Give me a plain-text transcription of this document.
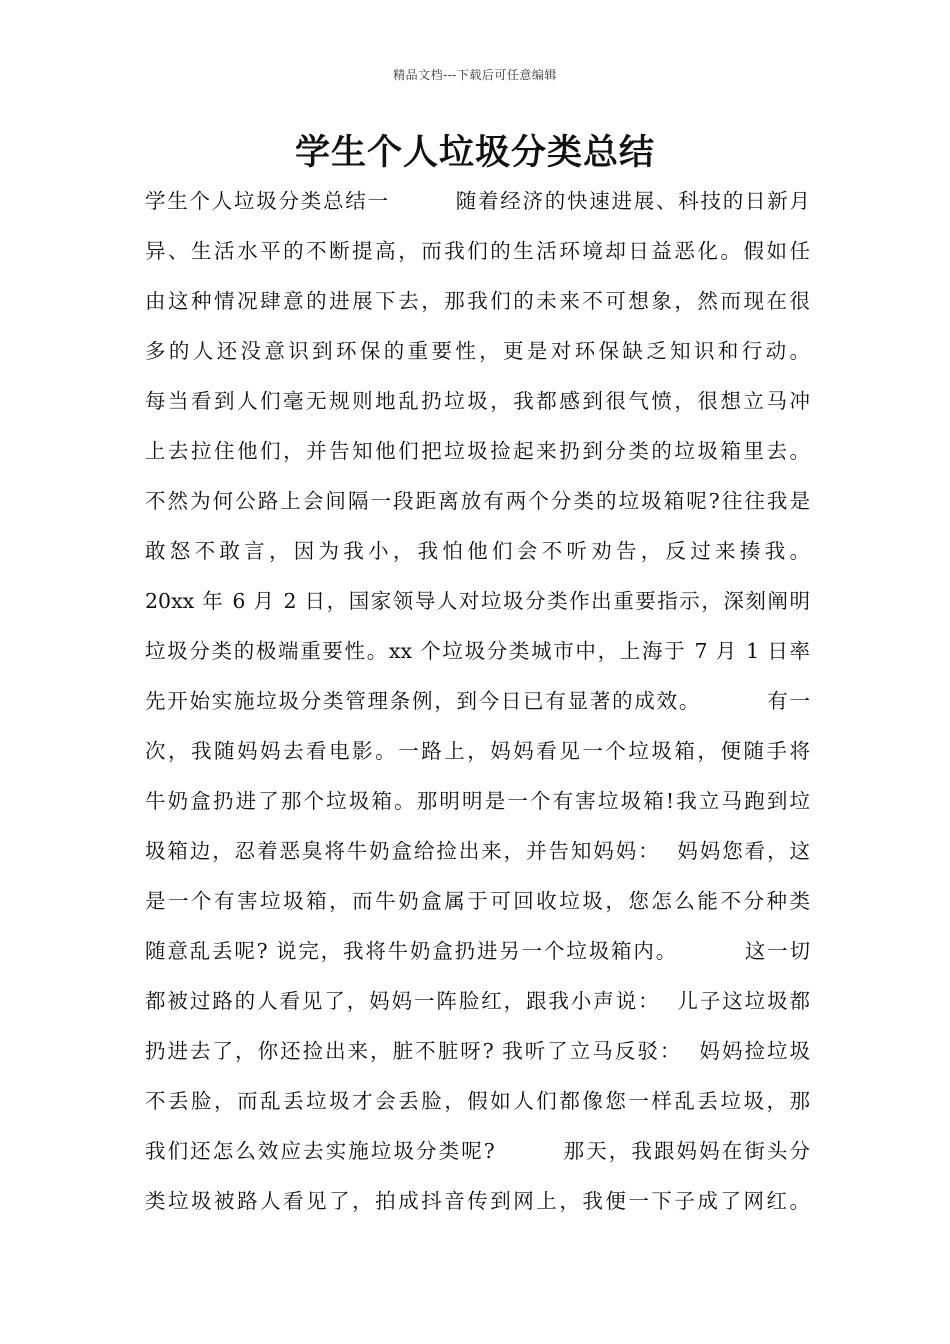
精品文档---下载后可任意编辑
学生个人垃圾分类总结
学生个人垃圾分类总结一        随着经济的快速进展、科技的日新月
异、生活水平的不断提高，而我们的生活环境却日益恶化。假如任
由这种情况肆意的进展下去，那我们的未来不可想象，然而现在很
多的人还没意识到环保的重要性，更是对环保缺乏知识和行动。
每当看到人们毫无规则地乱扔垃圾，我都感到很气愤，很想立马冲
上去拉住他们，并告知他们把垃圾捡起来扔到分类的垃圾箱里去。
不然为何公路上会间隔一段距离放有两个分类的垃圾箱呢?往往我是
敢怒不敢言，因为我小，我怕他们会不听劝告，反过来揍我。
20xx 年 6 月 2 日，国家领导人对垃圾分类作出重要指示，深刻阐明
垃圾分类的极端重要性。xx 个垃圾分类城市中，上海于 7 月 1 日率
先开始实施垃圾分类管理条例，到今日已有显著的成效。        有一
次，我随妈妈去看电影。一路上，妈妈看见一个垃圾箱，便随手将
牛奶盒扔进了那个垃圾箱。那明明是一个有害垃圾箱!我立马跑到垃
圾箱边，忍着恶臭将牛奶盒给捡出来，并告知妈妈：  妈妈您看，这
是一个有害垃圾箱，而牛奶盒属于可回收垃圾，您怎么能不分种类
随意乱丢呢? 说完，我将牛奶盒扔进另一个垃圾箱内。        这一切
都被过路的人看见了，妈妈一阵脸红，跟我小声说：  儿子这垃圾都
扔进去了，你还捡出来，脏不脏呀? 我听了立马反驳：  妈妈捡垃圾
不丢脸，而乱丢垃圾才会丢脸，假如人们都像您一样乱丢垃圾，那
我们还怎么效应去实施垃圾分类呢?        那天，我跟妈妈在街头分
类垃圾被路人看见了，拍成抖音传到网上，我便一下子成了网红。
